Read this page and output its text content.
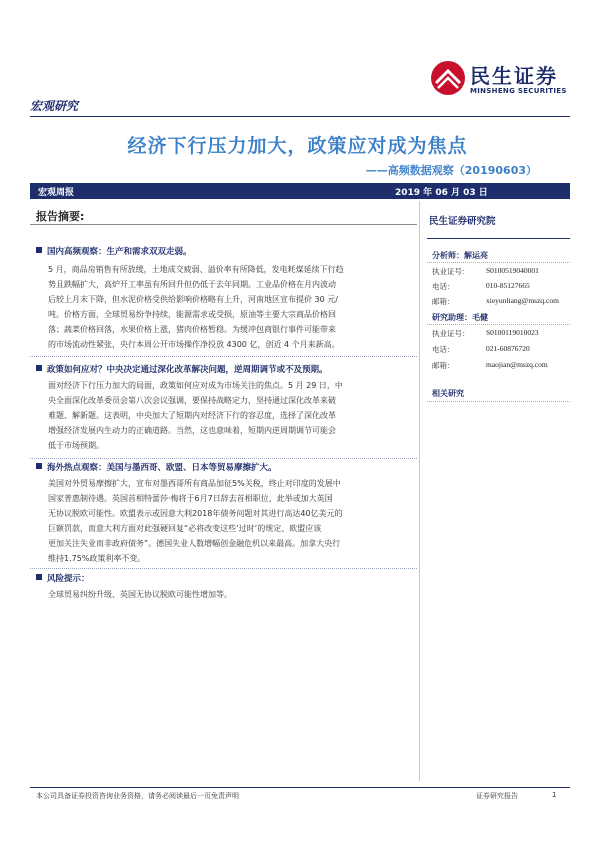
民生证券
MINSHENG SECURITIES
宏观研究
经济下行压力加大，政策应对成为焦点
——高频数据观察（20190603）
宏观周报	2019 年 06 月 03 日
报告摘要:
国内高频观察：生产和需求双双走弱。
5 月，商品房销售有所放缓，土地成交疲弱、溢价率有所降低，发电耗煤延续下行趋
势且跌幅扩大，高炉开工率虽有所回升但仍低于去年同期。工业品价格在月内波动
后较上月末下降，但水泥价格受供给影响价格略有上升，河南地区宣布提价 30 元/
吨。价格方面，全球贸易纷争持续，能源需求或受损，原油等主要大宗商品价格回
落；蔬菜价格回落，水果价格上涨，猪肉价格暂稳。为缓冲包商银行事件可能带来
的市场流动性紧张，央行本周公开市场操作净投放 4300 亿，创近 4 个月来新高。
政策如何应对？中央决定通过深化改革解决问题，逆周期调节或不及预期。
面对经济下行压力加大的局面，政策如何应对成为市场关注的焦点。5 月 29 日，中
央全面深化改革委员会第八次会议强调，要保持战略定力，坚持通过深化改革来破
难题、解新题。这表明，中央加大了短期内对经济下行的容忍度，选择了深化改革
增强经济发展内生动力的正确道路。当然，这也意味着，短期内逆周期调节可能会
低于市场预期。
海外热点观察：美国与墨西哥、欧盟、日本等贸易摩擦扩大。
美国对外贸易摩擦扩大，宣布对墨西哥所有商品加征5%关税，终止对印度的发展中
国家普惠制待遇。英国首相特蕾莎·梅将于6月7日辞去首相职位，此举或加大英国
无协议脱欧可能性。欧盟表示或因意大利2018年债务问题对其进行高达40亿美元的
巨额罚款，而意大利方面对此强硬回复“必将改变这些‘过时’的规定、欧盟应该
更加关注失业而非政府债务”。德国失业人数增幅创金融危机以来最高。加拿大央行
维持1.75%政策利率不变。
风险提示：
全球贸易纠纷升级、英国无协议脱欧可能性增加等。
民生证券研究院
分析师：解运亮
执业证号： S0100519040001
电话：	010-85127665
邮箱：	xieyunliang@mszq.com
研究助理：毛健
执业证号： S0100119010023
电话：	021-60876720
邮箱：	maojian@mszq.com
相关研究
本公司具备证券投资咨询业务资格，请务必阅读最后一页免责声明	证券研究报告	1
